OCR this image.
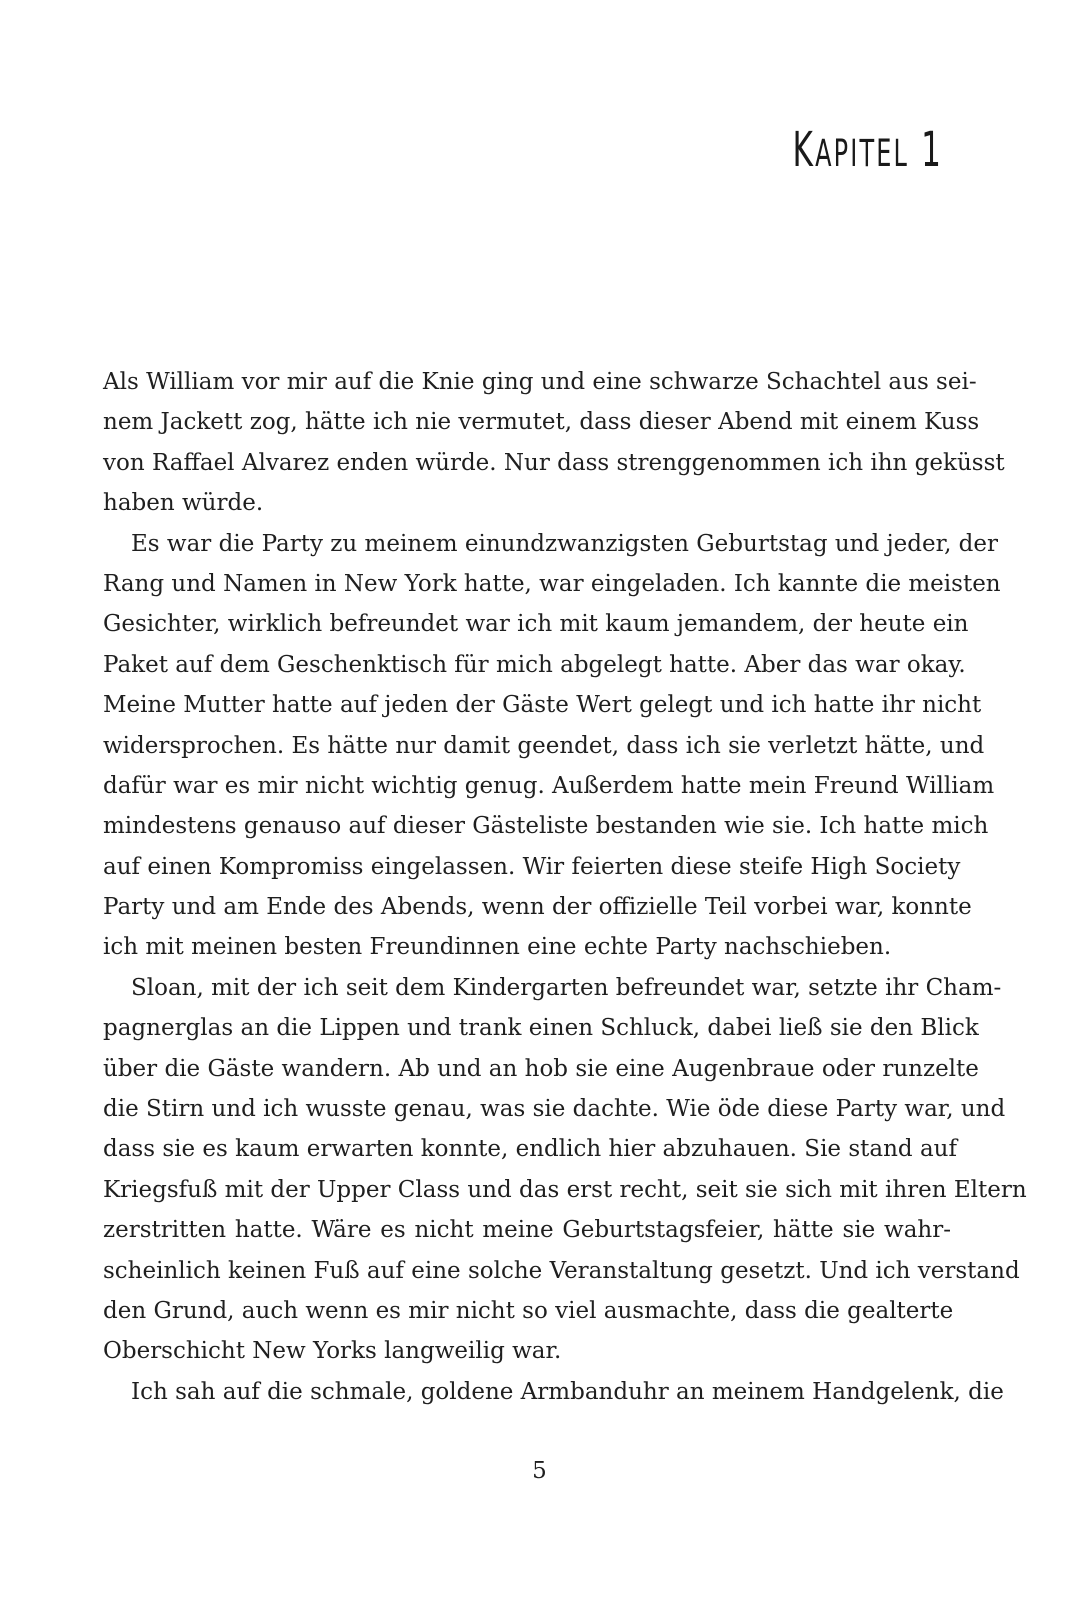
KAPITEL 1
Als William vor mir auf die Knie ging und eine schwarze Schachtel aus sei-
nem Jackett zog, hätte ich nie vermutet, dass dieser Abend mit einem Kuss
von Raffael Alvarez enden würde. Nur dass strenggenommen ich ihn geküsst
haben würde.
Es war die Party zu meinem einundzwanzigsten Geburtstag und jeder, der
Rang und Namen in New York hatte, war eingeladen. Ich kannte die meisten
Gesichter, wirklich befreundet war ich mit kaum jemandem, der heute ein
Paket auf dem Geschenktisch für mich abgelegt hatte. Aber das war okay.
Meine Mutter hatte auf jeden der Gäste Wert gelegt und ich hatte ihr nicht
widersprochen. Es hätte nur damit geendet, dass ich sie verletzt hätte, und
dafür war es mir nicht wichtig genug. Außerdem hatte mein Freund William
mindestens genauso auf dieser Gästeliste bestanden wie sie. Ich hatte mich
auf einen Kompromiss eingelassen. Wir feierten diese steife High Society
Party und am Ende des Abends, wenn der offizielle Teil vorbei war, konnte
ich mit meinen besten Freundinnen eine echte Party nachschieben.
Sloan, mit der ich seit dem Kindergarten befreundet war, setzte ihr Cham-
pagnerglas an die Lippen und trank einen Schluck, dabei ließ sie den Blick
über die Gäste wandern. Ab und an hob sie eine Augenbraue oder runzelte
die Stirn und ich wusste genau, was sie dachte. Wie öde diese Party war, und
dass sie es kaum erwarten konnte, endlich hier abzuhauen. Sie stand auf
Kriegsfuß mit der Upper Class und das erst recht, seit sie sich mit ihren Eltern
zerstritten hatte. Wäre es nicht meine Geburtstagsfeier, hätte sie wahr-
scheinlich keinen Fuß auf eine solche Veranstaltung gesetzt. Und ich verstand
den Grund, auch wenn es mir nicht so viel ausmachte, dass die gealterte
Oberschicht New Yorks langweilig war.
Ich sah auf die schmale, goldene Armbanduhr an meinem Handgelenk, die
5
